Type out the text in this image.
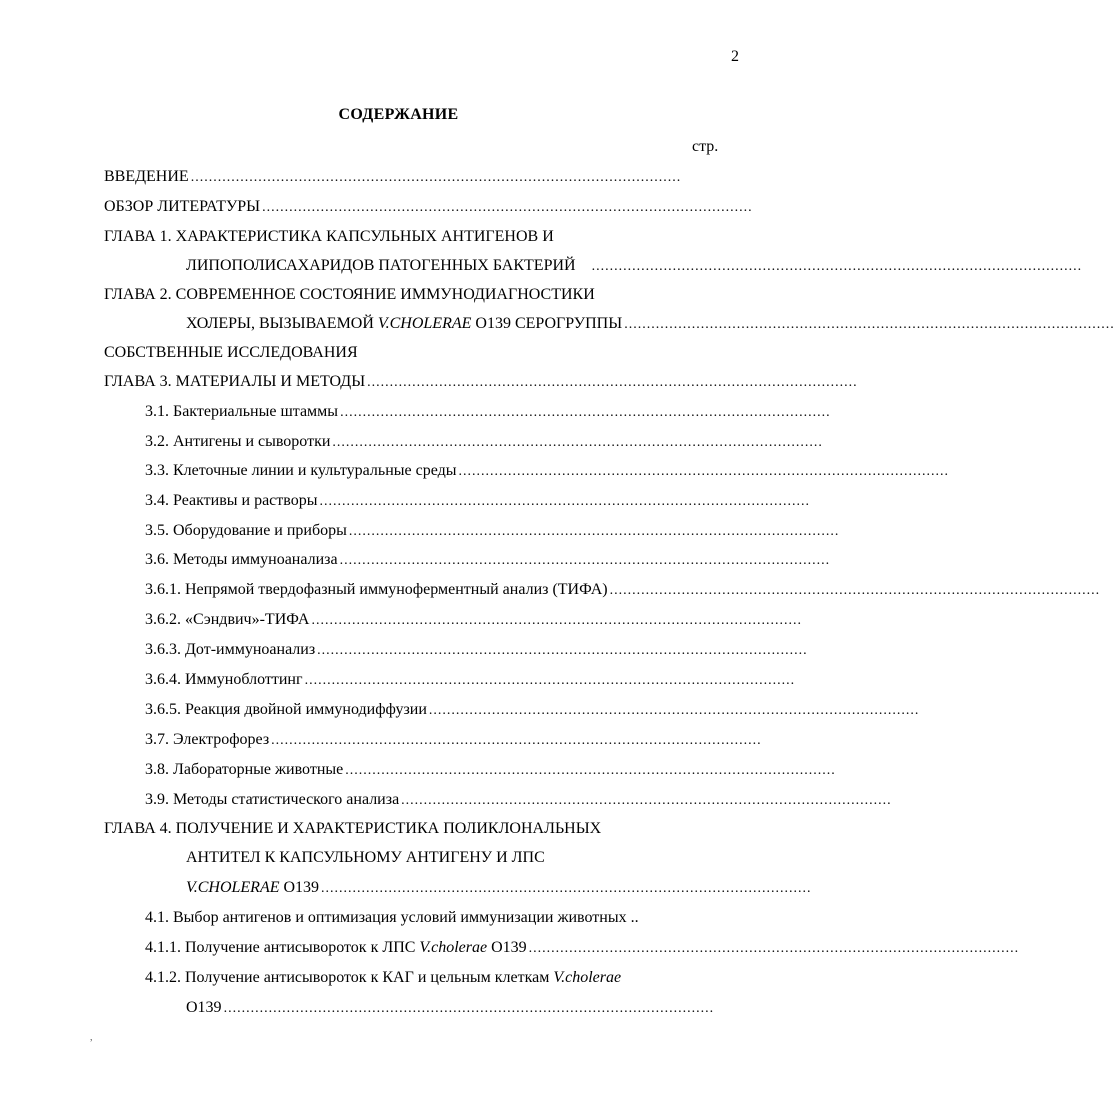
2
СОДЕРЖАНИЕ
стр.
ВВЕДЕНИЕ .............................................................................................................
ОБЗОР ЛИТЕРАТУРЫ .............................................................................................................
ГЛАВА 1. ХАРАКТЕРИСТИКА КАПСУЛЬНЫХ АНТИГЕНОВ И
ЛИПОПОЛИСАХАРИДОВ ПАТОГЕННЫХ БАКТЕРИЙ .............................................................................................................
ГЛАВА 2. СОВРЕМЕННОЕ СОСТОЯНИЕ ИММУНОДИАГНОСТИКИ
ХОЛЕРЫ, ВЫЗЫВАЕМОЙ V.CHOLERAE О139 СЕРОГРУППЫ .............................................................................................................
СОБСТВЕННЫЕ ИССЛЕДОВАНИЯ
ГЛАВА 3. МАТЕРИАЛЫ И МЕТОДЫ .............................................................................................................
3.1. Бактериальные штаммы .............................................................................................................
3.2. Антигены и сыворотки .............................................................................................................
3.3. Клеточные линии и культуральные среды .............................................................................................................
3.4. Реактивы и растворы .............................................................................................................
3.5. Оборудование и приборы .............................................................................................................
3.6. Методы иммуноанализа .............................................................................................................
3.6.1. Непрямой твердофазный иммуноферментный анализ (ТИФА) .............................................................................................................
3.6.2. «Сэндвич»-ТИФА .............................................................................................................
3.6.3. Дот-иммуноанализ .............................................................................................................
3.6.4. Иммуноблоттинг .............................................................................................................
3.6.5. Реакция двойной иммунодиффузии .............................................................................................................
3.7. Электрофорез .............................................................................................................
3.8. Лабораторные животные .............................................................................................................
3.9. Методы статистического анализа .............................................................................................................
ГЛАВА 4. ПОЛУЧЕНИЕ И ХАРАКТЕРИСТИКА ПОЛИКЛОНАЛЬНЫХ
АНТИТЕЛ К КАПСУЛЬНОМУ АНТИГЕНУ И ЛПС
V.CHOLERAE О139 .............................................................................................................
4.1. Выбор антигенов и оптимизация условий иммунизации животных ..
4.1.1. Получение антисывороток к ЛПС V.cholerae О139 .............................................................................................................
4.1.2. Получение антисывороток к КАГ и цельным клеткам V.cholerae
О139 .............................................................................................................
,
